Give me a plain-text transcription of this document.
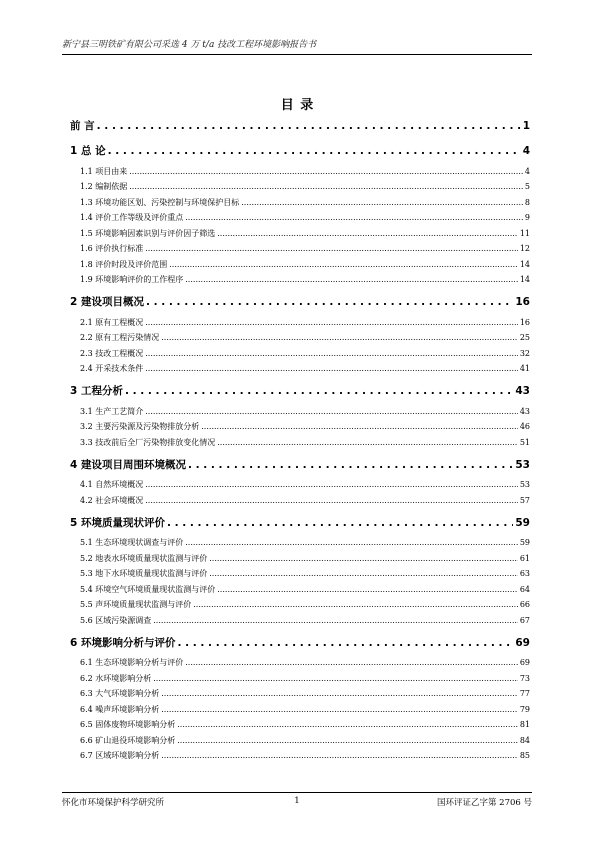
新宁县三明铁矿有限公司采选 4 万 t/a 技改工程环境影响报告书
目 录
前 言 . . .	1
1 总 论 . . .	4
1.1 项目由来 .....	4
1.2 编制依据 .....	5
1.3 环境功能区划、污染控制与环境保护目标 .....	8
1.4 评价工作等级及评价重点 .....	9
1.5 环境影响因素识别与评价因子筛选 .....	11
1.6 评价执行标准 .....	12
1.8 评价时段及评价范围 .....	14
1.9 环境影响评价的工作程序 .....	14
2 建设项目概况 . . .	16
2.1 原有工程概况 .....	16
2.2 原有工程污染情况 .....	25
2.3 技改工程概况 .....	32
2.4 开采技术条件 .....	41
3 工程分析 . . .	43
3.1 生产工艺简介 .....	43
3.2 主要污染源及污染物排放分析 .....	46
3.3 技改前后全厂污染物排放变化情况 .....	51
4 建设项目周围环境概况 . . .	53
4.1 自然环境概况 .....	53
4.2 社会环境概况 .....	57
5 环境质量现状评价 . . .	59
5.1 生态环境现状调查与评价 .....	59
5.2 地表水环境质量现状监测与评价 .....	61
5.3 地下水环境质量现状监测与评价 .....	63
5.4 环境空气环境质量现状监测与评价 .....	64
5.5 声环境质量现状监测与评价 .....	66
5.6 区域污染源调查 .....	67
6 环境影响分析与评价 . . .	69
6.1 生态环境影响分析与评价 .....	69
6.2 水环境影响分析 .....	73
6.3 大气环境影响分析 .....	77
6.4 噪声环境影响分析 .....	79
6.5 固体废物环境影响分析 .....	81
6.6 矿山退役环境影响分析 .....	84
6.7 区域环境影响分析 .....	85
怀化市环境保护科学研究所	1	国环评证乙字第 2706 号
